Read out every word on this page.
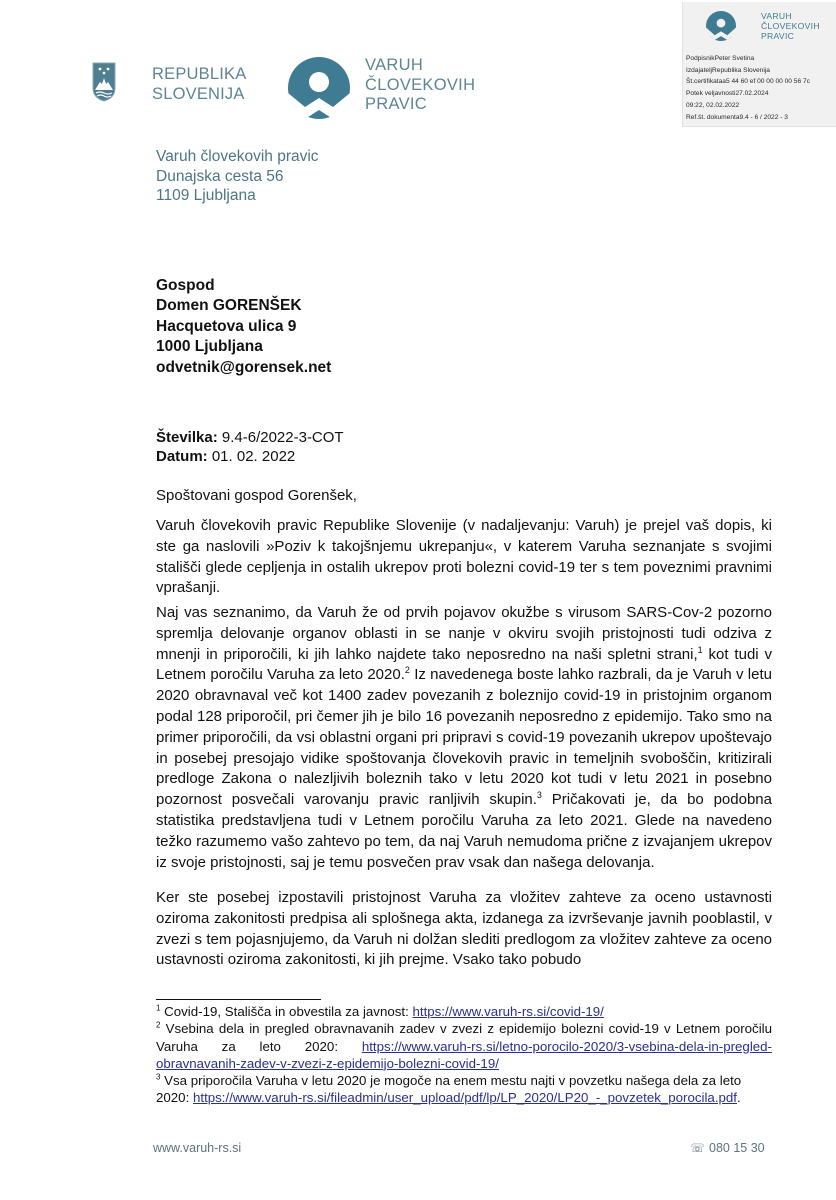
VARUH
ČLOVEKOVIH
PRAVIC
PodpisnikPeter Svetina
IzdajateljRepublika Slovenija
Št.certifikataa5 44 60 ef 00 00 00 00 56 7c
Potek veljavnosti27.02.2024
09:22, 02.02.2022
Ref.št. dokumenta9.4 - 6 / 2022 - 3
REPUBLIKA
SLOVENIJA
VARUH
ČLOVEKOVIH
PRAVIC
Varuh človekovih pravic
Dunajska cesta 56
1109 Ljubljana
Gospod
Domen GORENŠEK
Hacquetova ulica 9
1000 Ljubljana
odvetnik@gorensek.net
Številka: 9.4-6/2022-3-COT
Datum: 01. 02. 2022
Spoštovani gospod Gorenšek,

Varuh človekovih pravic Republike Slovenije (v nadaljevanju: Varuh) je prejel vaš dopis, ki ste ga naslovili »Poziv k takojšnjemu ukrepanju«, v katerem Varuha seznanjate s svojimi stališči glede cepljenja in ostalih ukrepov proti bolezni covid-19 ter s tem poveznimi pravnimi vprašanji.

Naj vas seznanimo, da Varuh že od prvih pojavov okužbe s virusom SARS-Cov-2 pozorno spremlja delovanje organov oblasti in se nanje v okviru svojih pristojnosti tudi odziva z mnenji in priporočili, ki jih lahko najdete tako neposredno na naši spletni strani,$^1$ kot tudi v Letnem poročilu Varuha za leto 2020.$^2$ Iz navedenega boste lahko razbrali, da je Varuh v letu 2020 obravnaval več kot 1400 zadev povezanih z boleznijo covid-19 in pristojnim organom podal 128 priporočil, pri čemer jih je bilo 16 povezanih neposredno z epidemijo. Tako smo na primer priporočili, da vsi oblastni organi pri pripravi s covid-19 povezanih ukrepov upoštevajo in posebej presojajo vidike spoštovanja človekovih pravic in temeljnih svoboščin, kritizirali predloge Zakona o nalezljivih boleznih tako v letu 2020 kot tudi v letu 2021 in posebno pozornost posvečali varovanju pravic ranljivih skupin.$^3$ Pričakovati je, da bo podobna statistika predstavljena tudi v Letnem poročilu Varuha za leto 2021. Glede na navedeno težko razumemo vašo zahtevo po tem, da naj Varuh nemudoma prične z izvajanjem ukrepov iz svoje pristojnosti, saj je temu posvečen prav vsak dan našega delovanja.

Ker ste posebej izpostavili pristojnost Varuha za vložitev zahteve za oceno ustavnosti oziroma zakonitosti predpisa ali splošnega akta, izdanega za izvrševanje javnih pooblastil, v zvezi s tem pojasnjujemo, da Varuh ni dolžan slediti predlogom za vložitev zahteve za oceno ustavnosti oziroma zakonitosti, ki jih prejme. Vsako tako pobudo

$^1$ Covid-19, Stališča in obvestila za javnost: https://www.varuh-rs.si/covid-19/

$^2$ Vsebina dela in pregled obravnavanih zadev v zvezi z epidemijo bolezni covid-19 v Letnem poročilu Varuha za leto 2020: https://www.varuh-rs.si/letno-porocilo-2020/3-vsebina-dela-in-pregled-obravnavanih-zadev-v-zvezi-z-epidemijo-bolezni-covid-19/

$^3$ Vsa priporočila Varuha v letu 2020 je mogoče na enem mestu najti v povzetku našega dela za leto 2020: https://www.varuh-rs.si/fileadmin/user_upload/pdf/lp/LP_2020/LP20_-_povzetek_porocila.pdf.

www.varuh-rs.si	☏ 080 15 30
